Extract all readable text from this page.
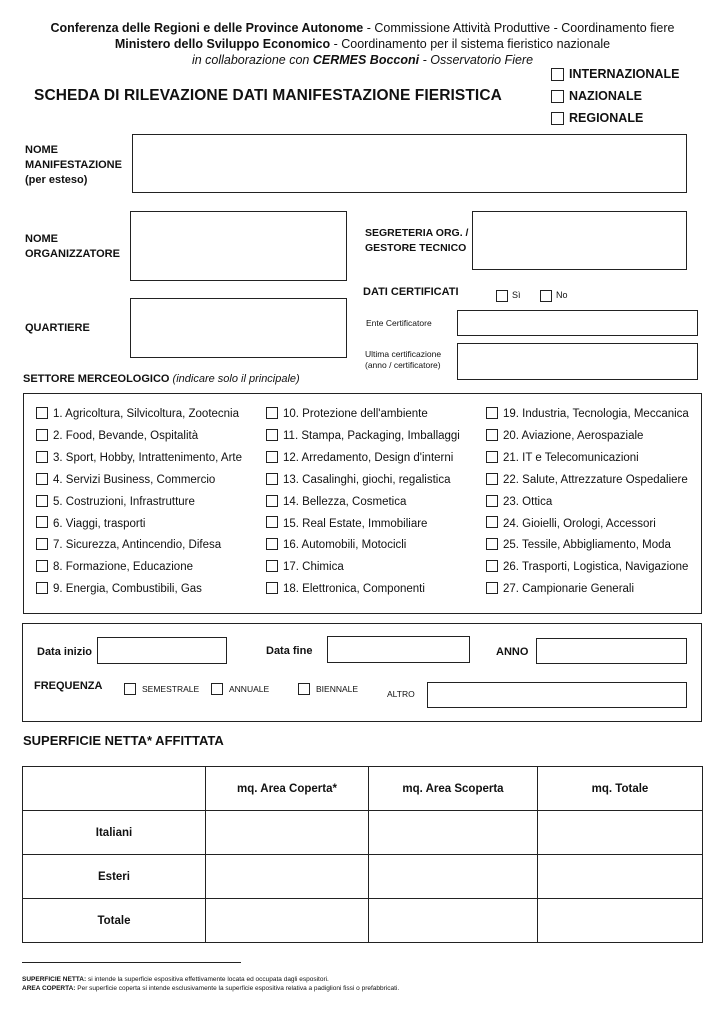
Conferenza delle Regioni e delle Province Autonome - Commissione Attività Produttive - Coordinamento fiere
Ministero dello Sviluppo Economico - Coordinamento per il sistema fieristico nazionale
in collaborazione con CERMES Bocconi - Osservatorio Fiere
SCHEDA DI RILEVAZIONE DATI MANIFESTAZIONE FIERISTICA
INTERNAZIONALE
NAZIONALE
REGIONALE
NOME
MANIFESTAZIONE
(per esteso)
NOME
ORGANIZZATORE
SEGRETERIA ORG. /
GESTORE TECNICO
QUARTIERE
DATI CERTIFICATI	Sì	No
Ente Certificatore
Ultima certificazione
(anno / certificatore)
SETTORE MERCEOLOGICO (indicare solo il principale)
1. Agricoltura, Silvicoltura, Zootecnia
2. Food, Bevande, Ospitalità
3. Sport, Hobby, Intrattenimento, Arte
4. Servizi Business, Commercio
5. Costruzioni, Infrastrutture
6. Viaggi, trasporti
7. Sicurezza, Antincendio, Difesa
8. Formazione, Educazione
9. Energia, Combustibili, Gas
10. Protezione dell'ambiente
11. Stampa, Packaging, Imballaggi
12. Arredamento, Design d'interni
13. Casalinghi, giochi, regalistica
14. Bellezza, Cosmetica
15. Real Estate, Immobiliare
16. Automobili, Motocicli
17. Chimica
18. Elettronica, Componenti
19. Industria, Tecnologia, Meccanica
20. Aviazione, Aerospaziale
21. IT e Telecomunicazioni
22. Salute, Attrezzature Ospedaliere
23. Ottica
24. Gioielli, Orologi, Accessori
25. Tessile, Abbigliamento, Moda
26. Trasporti, Logistica, Navigazione
27. Campionarie Generali
Data inizio	Data fine	ANNO
FREQUENZA	SEMESTRALE	ANNUALE	BIENNALE	ALTRO
SUPERFICIE NETTA* AFFITTATA
	mq. Area Coperta*	mq. Area Scoperta	mq. Totale
Italiani			
Esteri			
Totale			
SUPERFICIE NETTA: si intende la superficie espositiva effettivamente locata ed occupata dagli espositori.
AREA COPERTA: Per superficie coperta si intende esclusivamente la superficie espositiva relativa a padiglioni fissi o prefabbricati.
